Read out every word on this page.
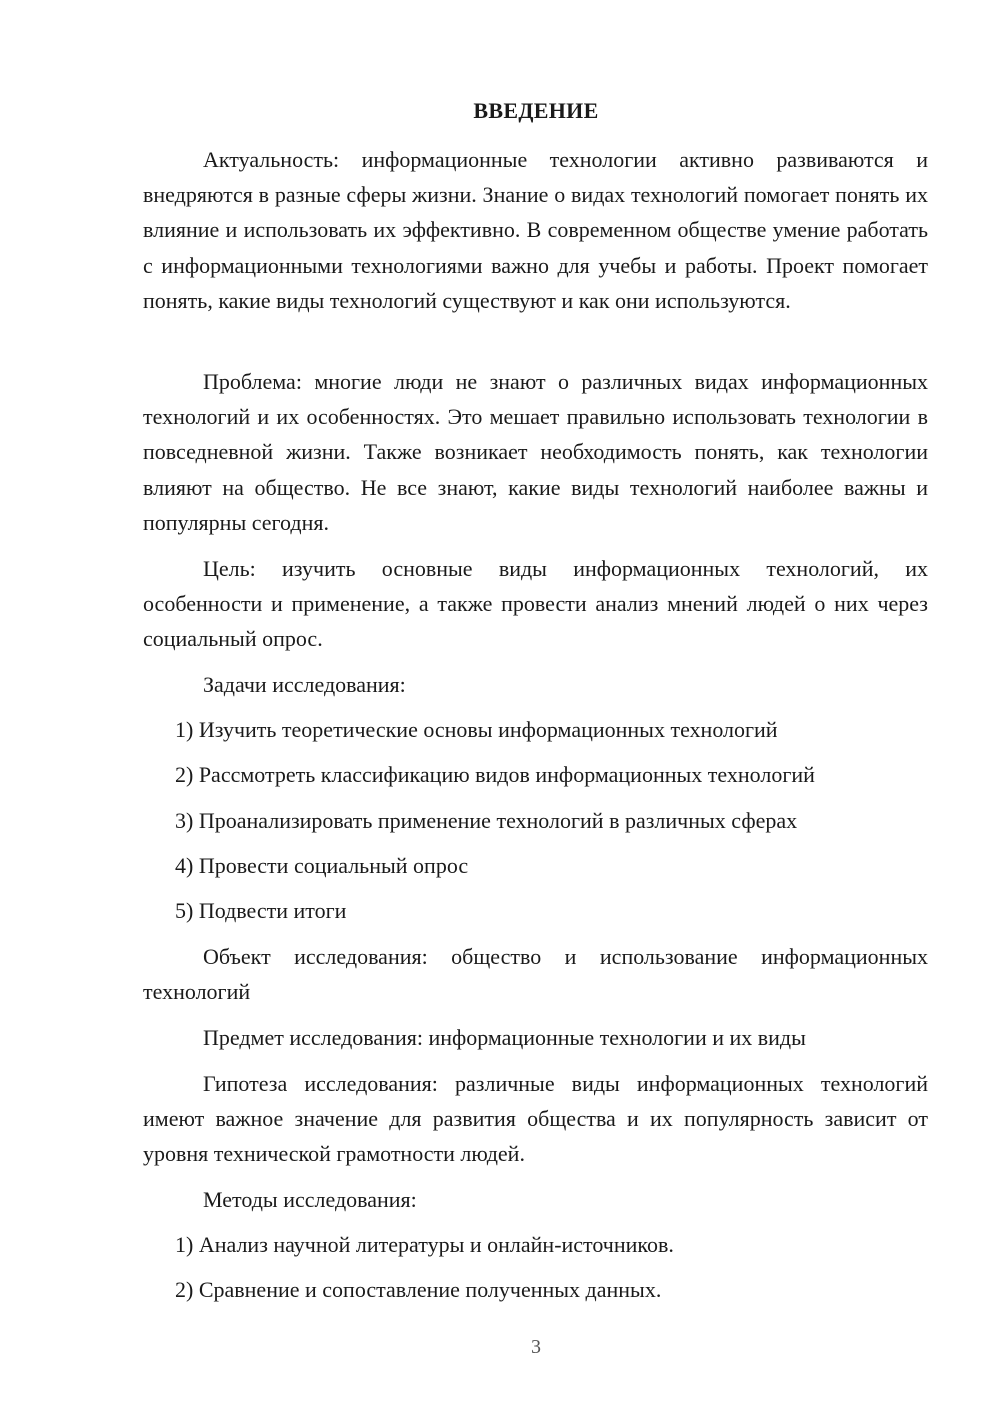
ВВЕДЕНИЕ
Актуальность: информационные технологии активно развиваются и внедряются в разные сферы жизни. Знание о видах технологий помогает понять их влияние и использовать их эффективно. В современном обществе умение работать с информационными технологиями важно для учебы и работы. Проект помогает понять, какие виды технологий существуют и как они используются.
Проблема: многие люди не знают о различных видах информационных технологий и их особенностях. Это мешает правильно использовать технологии в повседневной жизни. Также возникает необходимость понять, как технологии влияют на общество. Не все знают, какие виды технологий наиболее важны и популярны сегодня.
Цель: изучить основные виды информационных технологий, их особенности и применение, а также провести анализ мнений людей о них через социальный опрос.
Задачи исследования:
1) Изучить теоретические основы информационных технологий
2) Рассмотреть классификацию видов информационных технологий
3) Проанализировать применение технологий в различных сферах
4) Провести социальный опрос
5) Подвести итоги
Объект исследования: общество и использование информационных технологий
Предмет исследования: информационные технологии и их виды
Гипотеза исследования: различные виды информационных технологий имеют важное значение для развития общества и их популярность зависит от уровня технической грамотности людей.
Методы исследования:
1) Анализ научной литературы и онлайн-источников.
2) Сравнение и сопоставление полученных данных.
3
